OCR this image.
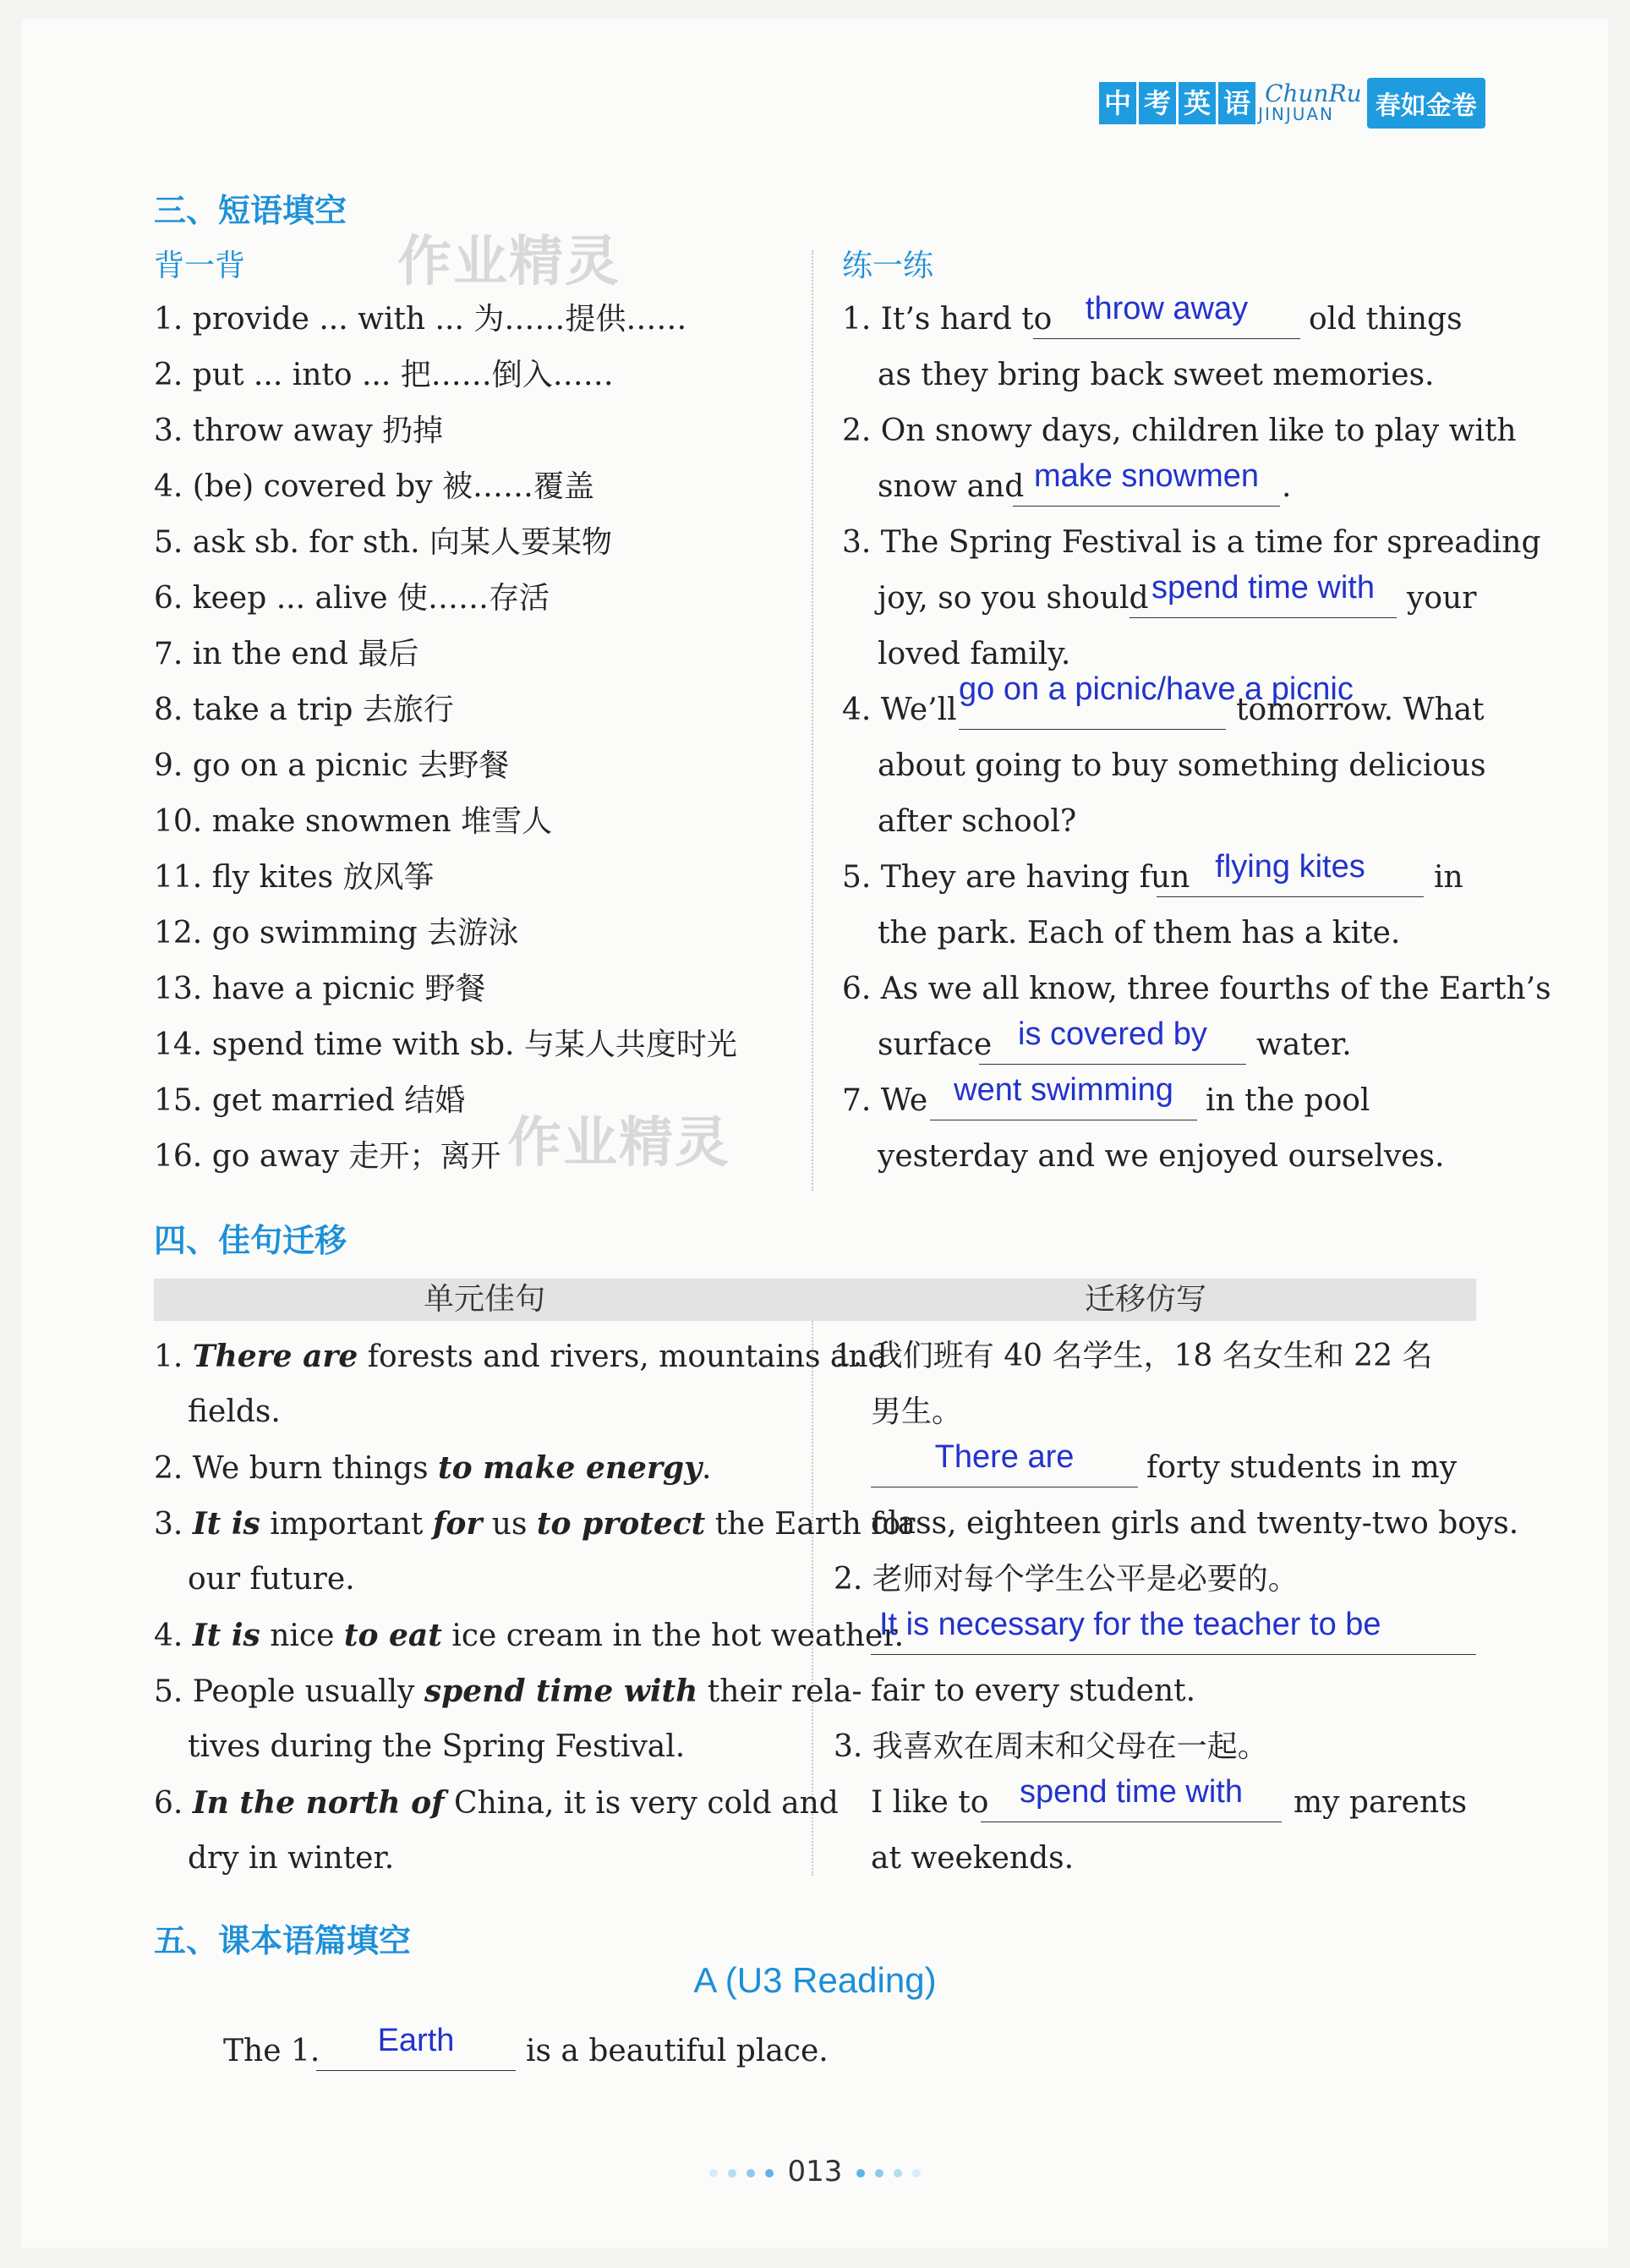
中 考 英 语 ChunRu
JINJUAN	春如金卷
三、短语填空
背一背	作业精灵	练一练
1. provide ... with ... 为……提供……
2. put ... into ... 把……倒入……
3. throw away 扔掉
4. (be) covered by 被……覆盖
5. ask sb. for sth. 向某人要某物
6. keep ... alive 使……存活
7. in the end 最后
8. take a trip 去旅行
9. go on a picnic 去野餐
10. make snowmen 堆雪人
11. fly kites 放风筝
12. go swimming 去游泳
13. have a picnic 野餐
14. spend time with sb. 与某人共度时光
15. get married 结婚
16. go away 走开；离开 作业精灵
1. It’s hard to	throw away	old things
as they bring back sweet memories.
2. On snowy days, children like to play with
snow and make snowmen .
3. The Spring Festival is a time for spreading
joy, so you should spend time with	your
loved family.
4. We’ll
go on a picnic/have a picnic
tomorrow. What
about going to buy something delicious
after school?
5. They are having fun flying kites	in
the park. Each of them has a kite.
6. As we all know, three fourths of the Earth’s
surface is covered by	water.
7. We went swimming	in the pool
yesterday and we enjoyed ourselves.
四、佳句迁移
单元佳句	迁移仿写
1. There are forests and rivers, mountains and
fields.
2. We burn things to make energy.
3. It is important for us to protect the Earth for
our future.
4. It is nice to eat ice cream in the hot weather.
5. People usually spend time with their rela-
tives during the Spring Festival.
6. In the north of China, it is very cold and
dry in winter.
1. 我们班有 40 名学生，18 名女生和 22 名
男生。
There are	forty students in my
class, eighteen girls and twenty-two boys.
2. 老师对每个学生公平是必要的。
It is necessary for the teacher to be
fair to every student.
3. 我喜欢在周末和父母在一起。
I like to spend time with	my parents
at weekends.
五、课本语篇填空
A (U3 Reading)
The 1.	Earth	is a beautiful place.
013
